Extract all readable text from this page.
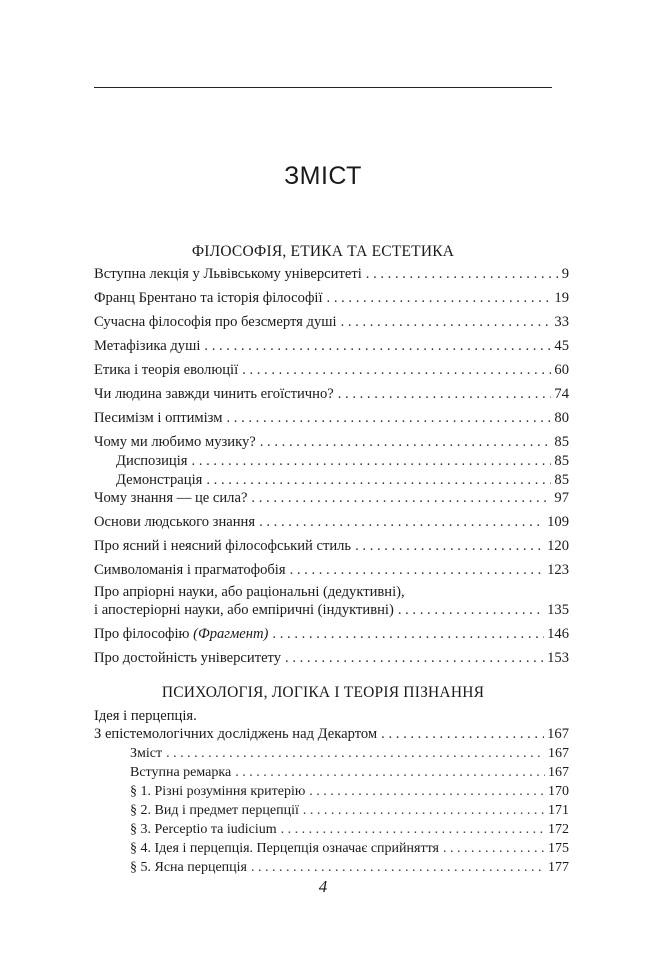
ЗМІСТ
ФІЛОСОФІЯ, ЕТИКА ТА ЕСТЕТИКА
Вступна лекція у Львівському університеті . . .	9
Франц Брентано та історія філософії . . .	19
Сучасна філософія про безсмертя душі . . .	33
Метафізика душі . . .	45
Етика і теорія еволюції . . .	60
Чи людина завжди чинить егоїстично? . . .	74
Песимізм і оптимізм . . .	80
Чому ми любимо музику? . . .	85
Диспозиція . . .	85
Демонстрація . . .	85
Чому знання — це сила? . . .	97
Основи людського знання . . .	109
Про ясний і неясний філософський стиль . . .	120
Символоманія і прагматофобія . . .	123
Про апріорні науки, або раціональні (дедуктивні),
і апостеріорні науки, або емпіричні (індуктивні) . . .	135
Про філософію (Фрагмент) . . .	146
Про достойність університету . . .	153
ПСИХОЛОГІЯ, ЛОГІКА І ТЕОРІЯ ПІЗНАННЯ
Ідея і перцепція.
З епістемологічних досліджень над Декартом . . .	167
Зміст . . .	167
Вступна ремарка . . .	167
§ 1. Різні розуміння критерію . . .	170
§ 2. Вид і предмет перцепції . . .	171
§ 3. Perceptio та iudicium . . .	172
§ 4. Ідея і перцепція. Перцепція означає сприйняття . . .	175
§ 5. Ясна перцепція . . .	177
4
